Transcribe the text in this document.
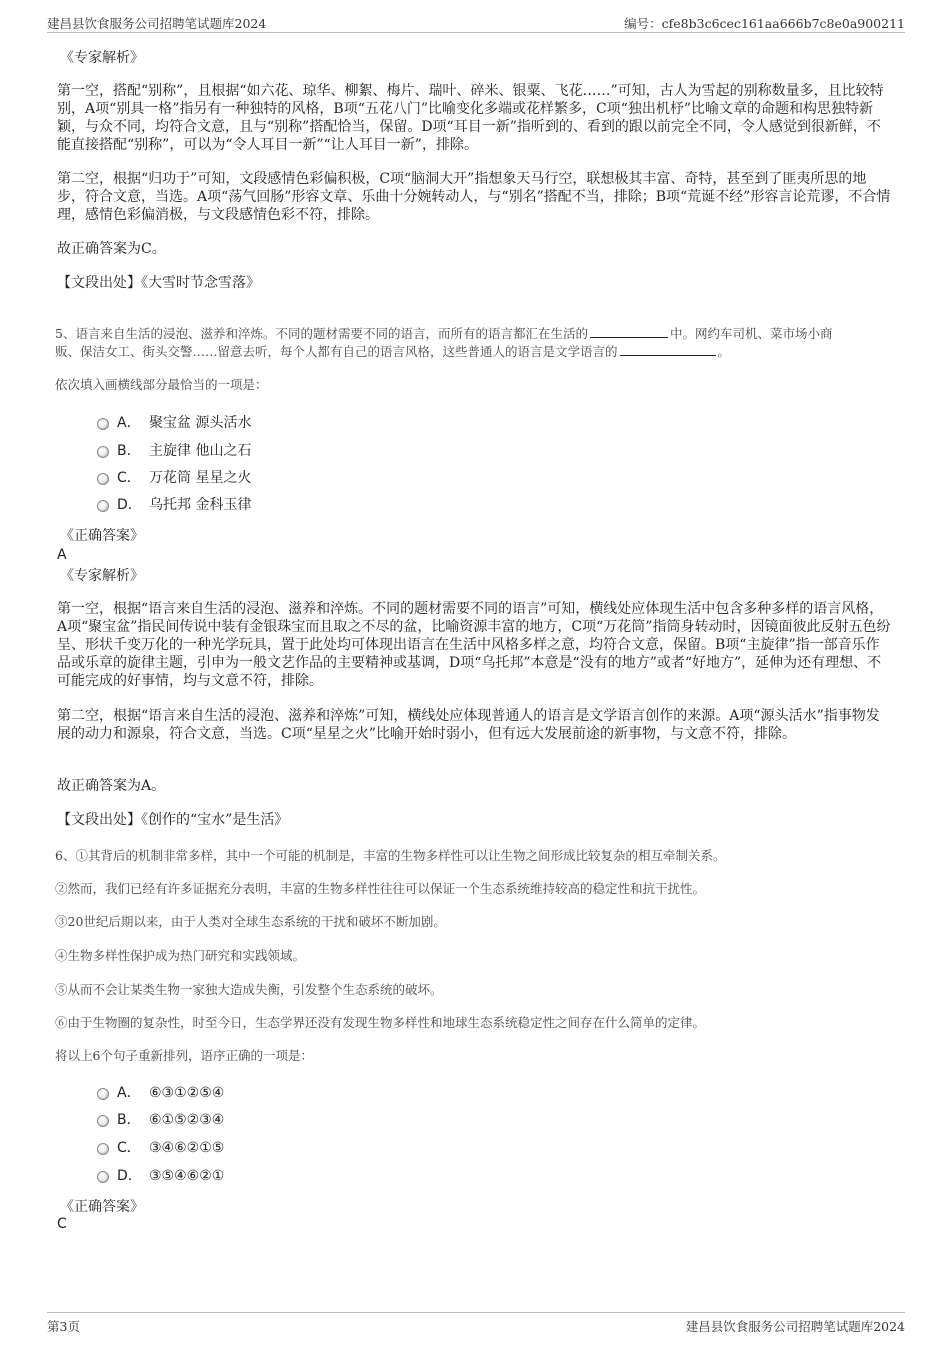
建昌县饮食服务公司招聘笔试题库2024	编号：cfe8b3c6cec161aa666b7c8e0a900211
《专家解析》
第一空，搭配“别称”，且根据“如六花、琼华、柳絮、梅片、瑞叶、碎米、银粟、飞花……”可知，古人为雪起的别称数量多，且比较特别，A项“别具一格”指另有一种独特的风格，B项“五花八门”比喻变化多端或花样繁多，C项“独出机杼”比喻文章的命题和构思独特新颖，与众不同，均符合文意，且与“别称”搭配恰当，保留。D项“耳目一新”指听到的、看到的跟以前完全不同，令人感觉到很新鲜，不能直接搭配“别称”，可以为“令人耳目一新”“让人耳目一新”，排除。
第二空，根据“归功于”可知，文段感情色彩偏积极，C项“脑洞大开”指想象天马行空，联想极其丰富、奇特，甚至到了匪夷所思的地步，符合文意，当选。A项“荡气回肠”形容文章、乐曲十分婉转动人，与“别名”搭配不当，排除；B项“荒诞不经”形容言论荒谬，不合情理，感情色彩偏消极，与文段感情色彩不符，排除。
故正确答案为C。
【文段出处】《大雪时节念雪落》
5、语言来自生活的浸泡、滋养和淬炼。不同的题材需要不同的语言，而所有的语言都汇在生活的	中。网约车司机、菜市场小商
贩、保洁女工、街头交警……留意去听，每个人都有自己的语言风格，这些普通人的语言是文学语言的	。
依次填入画横线部分最恰当的一项是：
A． 聚宝盆 源头活水
B． 主旋律 他山之石
C． 万花筒 星星之火
D． 乌托邦 金科玉律
《正确答案》
A
《专家解析》
第一空，根据“语言来自生活的浸泡、滋养和淬炼。不同的题材需要不同的语言”可知，横线处应体现生活中包含多种多样的语言风格，A项“聚宝盆”指民间传说中装有金银珠宝而且取之不尽的盆，比喻资源丰富的地方，C项“万花筒”指筒身转动时，因镜面彼此反射五色纷呈、形状千变万化的一种光学玩具，置于此处均可体现出语言在生活中风格多样之意，均符合文意，保留。B项“主旋律”指一部音乐作品或乐章的旋律主题，引申为一般文艺作品的主要精神或基调，D项“乌托邦”本意是“没有的地方”或者“好地方”，延伸为还有理想、不可能完成的好事情，均与文意不符，排除。
第二空，根据“语言来自生活的浸泡、滋养和淬炼”可知，横线处应体现普通人的语言是文学语言创作的来源。A项“源头活水”指事物发展的动力和源泉，符合文意，当选。C项“星星之火”比喻开始时弱小，但有远大发展前途的新事物，与文意不符，排除。
故正确答案为A。
【文段出处】《创作的“宝水”是生活》
6、①其背后的机制非常多样，其中一个可能的机制是，丰富的生物多样性可以让生物之间形成比较复杂的相互牵制关系。
②然而，我们已经有许多证据充分表明，丰富的生物多样性往往可以保证一个生态系统维持较高的稳定性和抗干扰性。
③20世纪后期以来，由于人类对全球生态系统的干扰和破坏不断加剧。
④生物多样性保护成为热门研究和实践领域。
⑤从而不会让某类生物一家独大造成失衡，引发整个生态系统的破坏。
⑥由于生物圈的复杂性，时至今日，生态学界还没有发现生物多样性和地球生态系统稳定性之间存在什么简单的定律。
将以上6个句子重新排列，语序正确的一项是：
A． ⑥③①②⑤④
B． ⑥①⑤②③④
C． ③④⑥②①⑤
D． ③⑤④⑥②①
《正确答案》
C
第3页	建昌县饮食服务公司招聘笔试题库2024
